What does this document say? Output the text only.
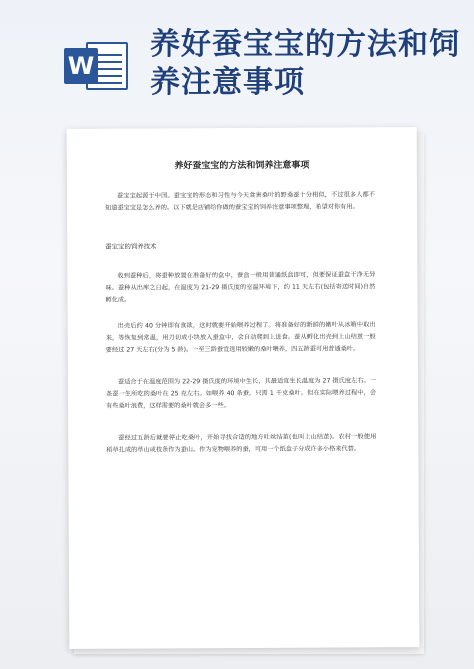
W
养好蚕宝宝的方法和饲养注意事项
养好蚕宝宝的方法和饲养注意事项
蚕宝宝起源于中国。蚕宝宝的形态和习性与今天食害桑叶的野桑蚕十分相似，不过很多人都不知道蚕宝宝是怎么养的。以下就是店铺给你做的蚕宝宝的饲养注意事项整理，希望对你有用。
蚕宝宝的饲养技术
收到蚕种后，将蚕种放置在准备好的盒中，蚕盒一般用普通纸盒即可，但要保证蚕盒干净无异味。蚕种从出库之日起，在温度为 21-29 摄氏度的室温环境下，约 11 天左右(包括寄送时间)自然孵化成。
出壳后约 40 分钟即有食欲，这时就要开始喂养过程了。将准备好的新鲜的嫩叶从冰箱中取出来，等恢复到常温，用刀切成小块放入蚕盒中，会自动爬到上进食。蚕从孵化出壳到上山结茧一般要经过 27 天左右(分为 5 龄)。一至三龄蚕宜选用较嫩的桑叶喂养，四五龄蚕可用普通桑叶。
蚕适合于在温度范围为 22-29 摄氏度的环境中生长，其最适宜生长温度为 27 摄氏度左右。一条蚕一生所吃的桑叶在 25 克左右。如喂养 40 条蚕，只需 1 千克桑叶。但在实际喂养过程中，会有些桑叶浪费，这样需要的桑叶就会多一些。
蚕经过五龄后就要停止吃桑叶，开始寻找合适的地方吐丝结茧(也叫上山结茧)。农村一般使用稻草扎成的草山或枝条作为蚕山。作为宠物喂养的蚕，可用一个纸盒子分成许多小格来代替。
